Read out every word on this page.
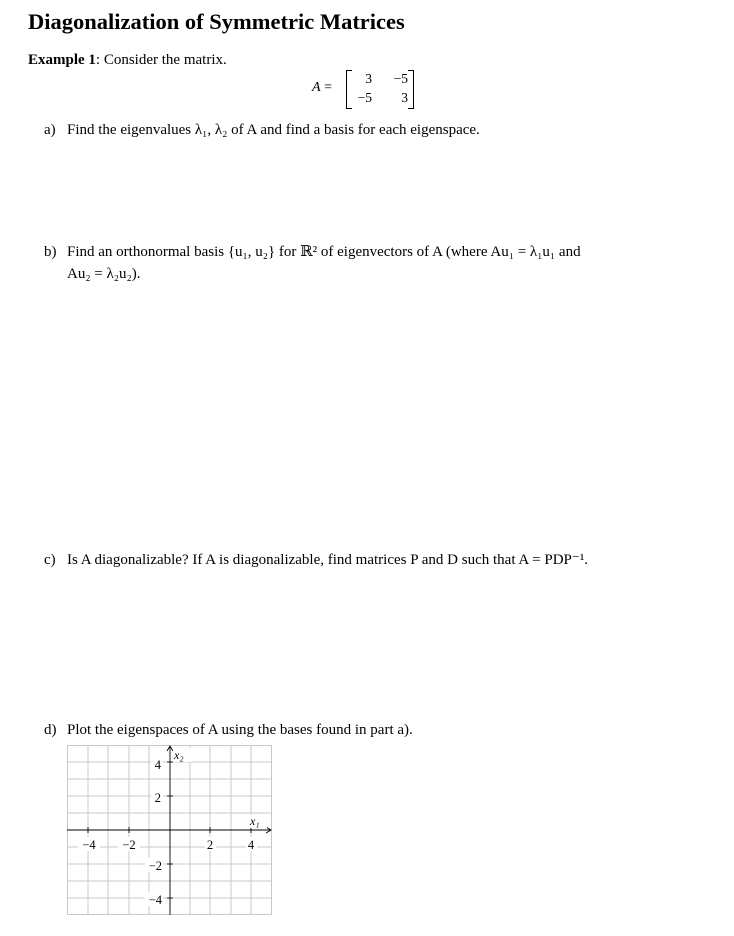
Diagonalization of Symmetric Matrices
Example 1: Consider the matrix.
A =
3	−5
−5	3
a) Find the eigenvalues λ₁, λ₂ of A and find a basis for each eigenspace.
b) Find an orthonormal basis {u₁, u₂} for ℝ² of eigenvectors of A (where Au₁ = λ₁u₁ and
Au₂ = λ₂u₂).
c) Is A diagonalizable? If A is diagonalizable, find matrices P and D such that A = PDP⁻¹.
d) Plot the eigenspaces of A using the bases found in part a).
−4 −2	2	4
4
2
−2
−4
x₂
x₁
